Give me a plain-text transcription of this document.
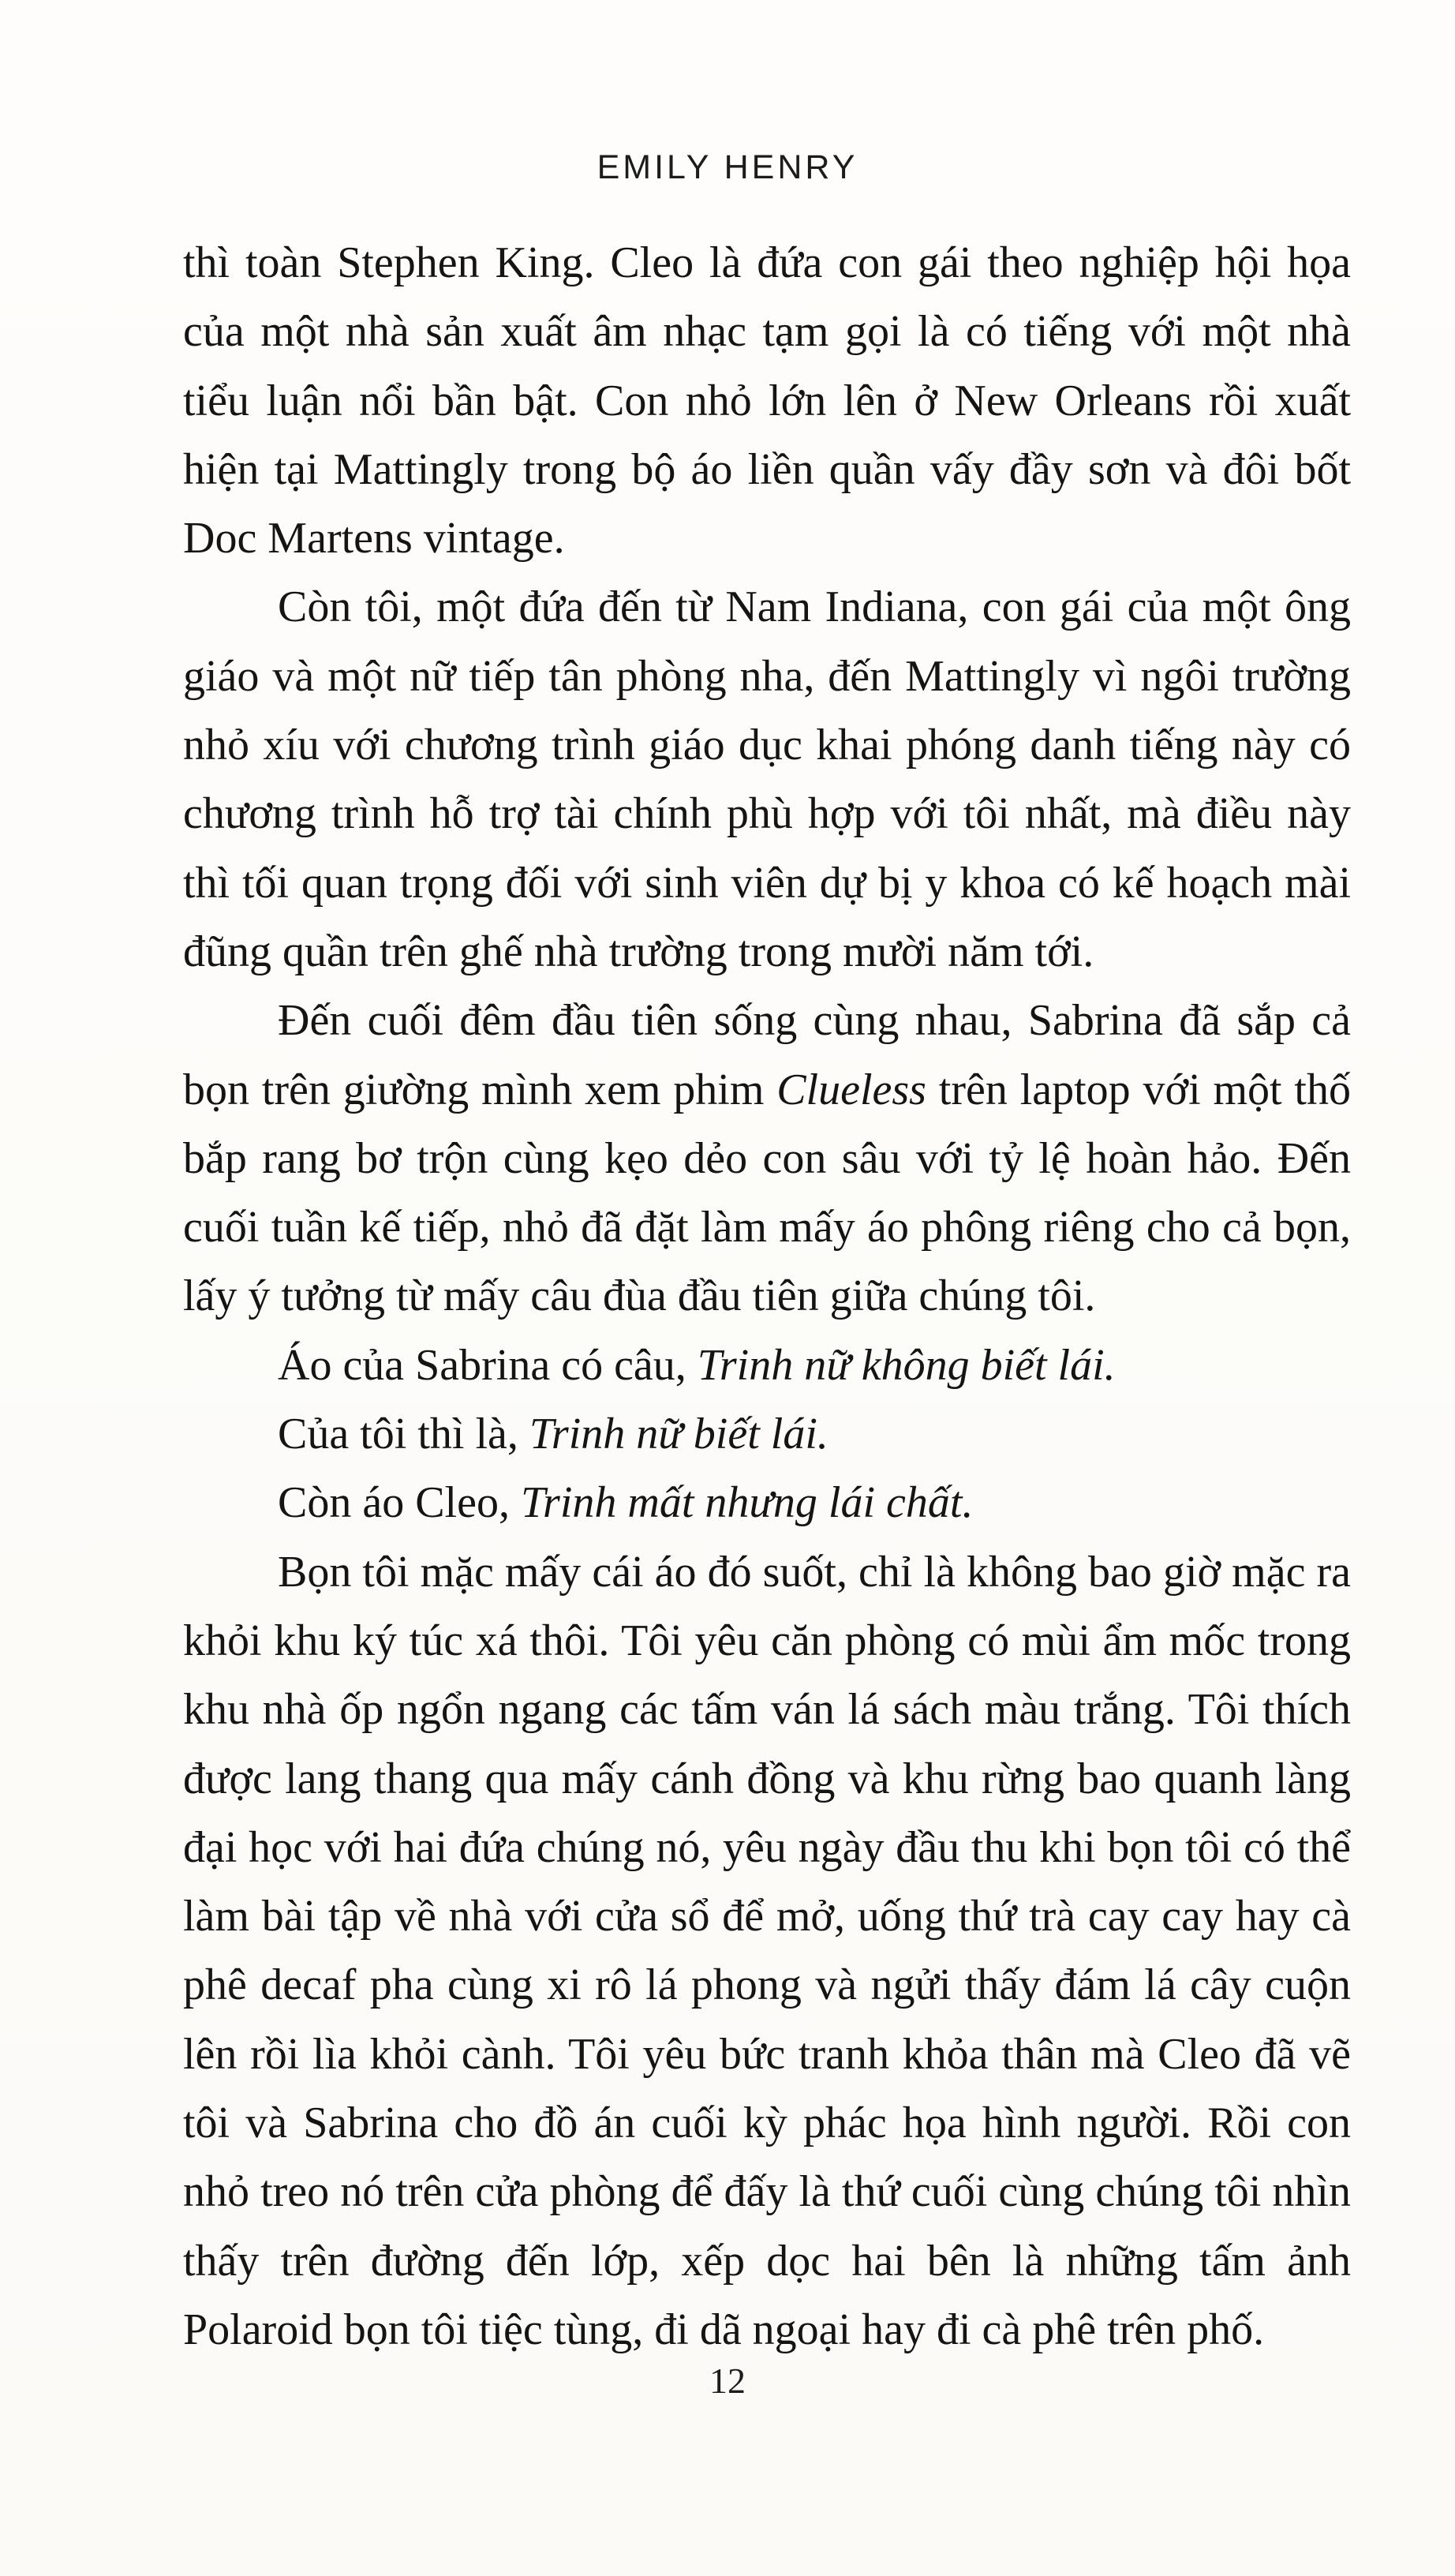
EMILY HENRY

thì toàn Stephen King. Cleo là đứa con gái theo nghiệp hội họa của một nhà sản xuất âm nhạc tạm gọi là có tiếng với một nhà tiểu luận nổi bần bật. Con nhỏ lớn lên ở New Orleans rồi xuất hiện tại Mattingly trong bộ áo liền quần vấy đầy sơn và đôi bốt Doc Martens vintage.

Còn tôi, một đứa đến từ Nam Indiana, con gái của một ông giáo và một nữ tiếp tân phòng nha, đến Mattingly vì ngôi trường nhỏ xíu với chương trình giáo dục khai phóng danh tiếng này có chương trình hỗ trợ tài chính phù hợp với tôi nhất, mà điều này thì tối quan trọng đối với sinh viên dự bị y khoa có kế hoạch mài đũng quần trên ghế nhà trường trong mười năm tới.

Đến cuối đêm đầu tiên sống cùng nhau, Sabrina đã sắp cả bọn trên giường mình xem phim Clueless trên laptop với một thố bắp rang bơ trộn cùng kẹo dẻo con sâu với tỷ lệ hoàn hảo. Đến cuối tuần kế tiếp, nhỏ đã đặt làm mấy áo phông riêng cho cả bọn, lấy ý tưởng từ mấy câu đùa đầu tiên giữa chúng tôi.

Áo của Sabrina có câu, Trinh nữ không biết lái.

Của tôi thì là, Trinh nữ biết lái.

Còn áo Cleo, Trinh mất nhưng lái chất.

Bọn tôi mặc mấy cái áo đó suốt, chỉ là không bao giờ mặc ra khỏi khu ký túc xá thôi. Tôi yêu căn phòng có mùi ẩm mốc trong khu nhà ốp ngổn ngang các tấm ván lá sách màu trắng. Tôi thích được lang thang qua mấy cánh đồng và khu rừng bao quanh làng đại học với hai đứa chúng nó, yêu ngày đầu thu khi bọn tôi có thể làm bài tập về nhà với cửa sổ để mở, uống thứ trà cay cay hay cà phê decaf pha cùng xi rô lá phong và ngửi thấy đám lá cây cuộn lên rồi lìa khỏi cành. Tôi yêu bức tranh khỏa thân mà Cleo đã vẽ tôi và Sabrina cho đồ án cuối kỳ phác họa hình người. Rồi con nhỏ treo nó trên cửa phòng để đấy là thứ cuối cùng chúng tôi nhìn thấy trên đường đến lớp, xếp dọc hai bên là những tấm ảnh Polaroid bọn tôi tiệc tùng, đi dã ngoại hay đi cà phê trên phố.

12
